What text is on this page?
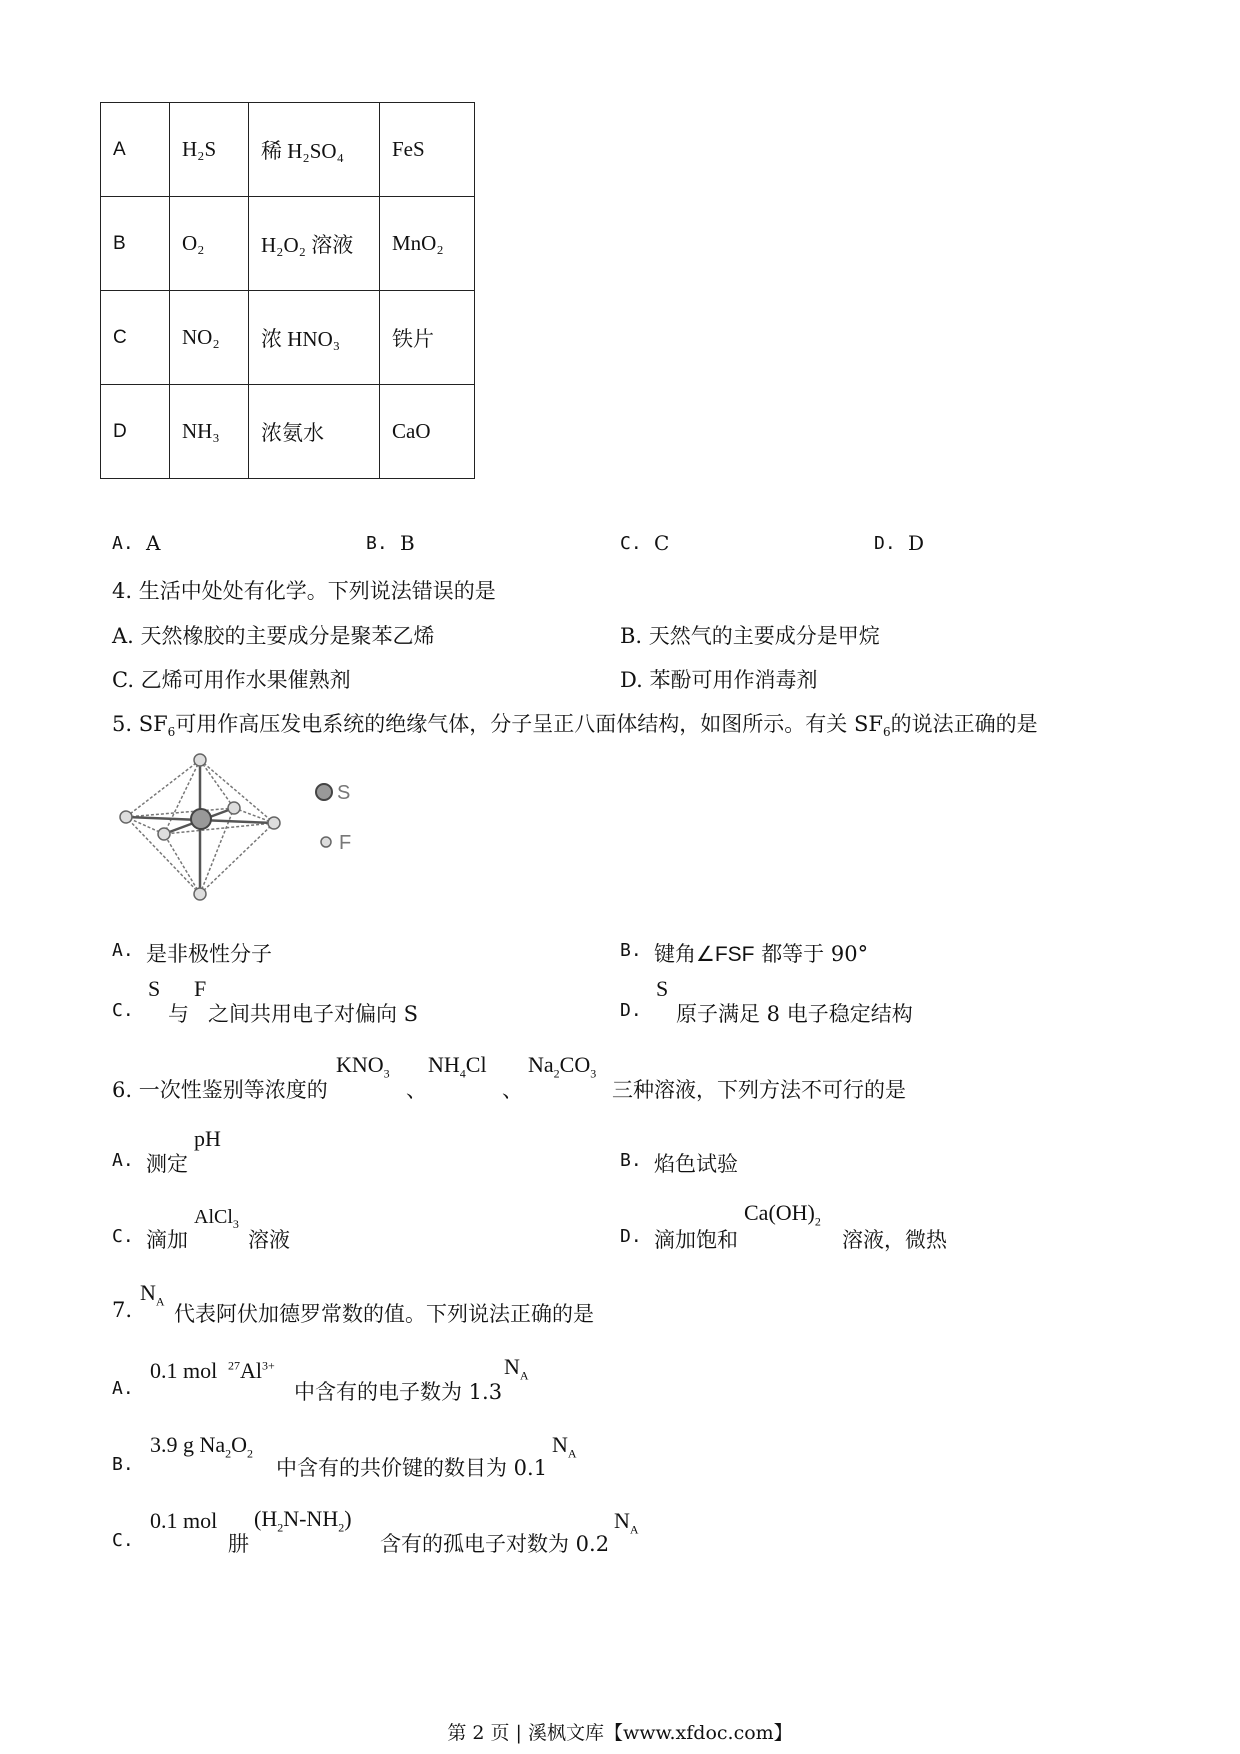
A	H₂S	稀 H₂SO₄	FeS
B	O₂	H₂O₂ 溶液	MnO₂
C	NO₂	浓 HNO₃	铁片
D	NH₃	浓氨水	CaO
A. A	B. B	C. C	D. D
4. 生活中处处有化学。下列说法错误的是
A. 天然橡胶的主要成分是聚苯乙烯	B. 天然气的主要成分是甲烷
C. 乙烯可用作水果催熟剂	D. 苯酚可用作消毒剂
5. $SF_6$可用作高压发电系统的绝缘气体，分子呈正八面体结构，如图所示。有关 $SF_6$的说法正确的是
S
F
A. 是非极性分子	B. 键角∠FSF 都等于 90°
C.
S
与
F
之间共用电子对偏向 S	D.
S
原子满足 8 电子稳定结构
6. 一次性鉴别等浓度的
$KNO_3$
、
$NH_4Cl$
、
$Na_2CO_3$
三种溶液，下列方法不可行的是
A. 测定
pH
B. 焰色试验
C. 滴加
AlCl$_3$
溶液	D. 滴加饱和
$Ca(OH)_2$
溶液，微热
7.
$N_A$
代表阿伏加德罗常数的值。下列说法正确的是
A.
0.1 mol $^{27}Al^{3+}$
中含有的电子数为 1.3
$N_A$
B.
3.9 g $Na_2O_2$
中含有的共价键的数目为 0.1
$N_A$
C.
0.1 mol
肼
$(H_2N-NH_2)$
含有的孤电子对数为 0.2
$N_A$
第 2 页 | 溪枫文库【www.xfdoc.com】
